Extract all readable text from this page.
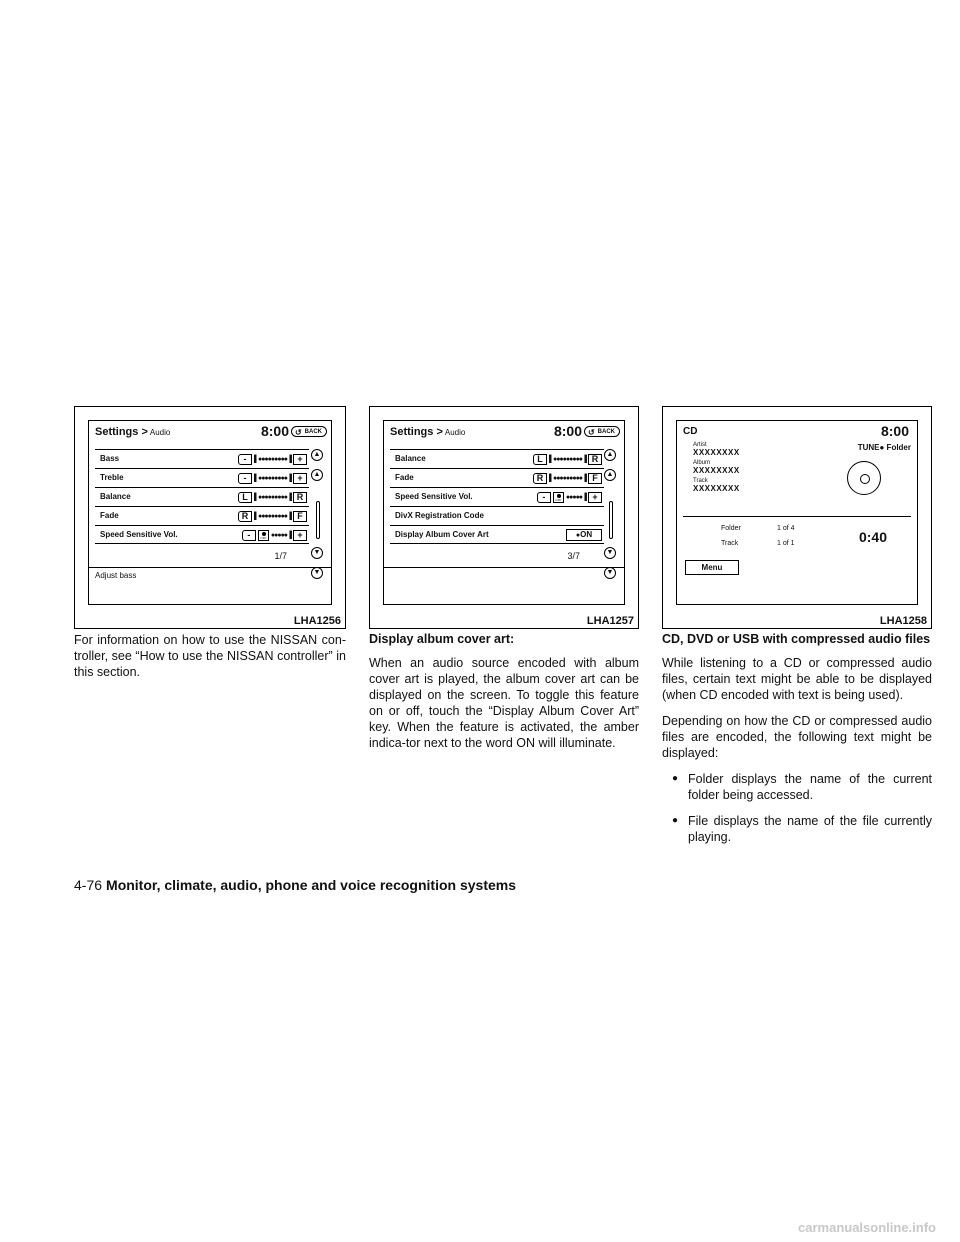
Settings > Audio	8:00	↺ BACK
Bass	-	▌●●●●●●●●●▐ +
Treble	-	▌●●●●●●●●●▐ +
Balance	L ▌●●●●●●●●●▐ R
Fade	R ▌●●●●●●●●●▐ F
Speed Sensitive Vol.	-	OFF ●●●●●▐ +
▲
▲
▼
▼
1/7
Adjust bass
LHA1256
Settings > Audio	8:00	↺ BACK
Balance	L ▌●●●●●●●●●▐ R
Fade	R ▌●●●●●●●●●▐ F
Speed Sensitive Vol.	-	OFF ●●●●●▐ +
DivX Registration Code
Display Album Cover Art	● ON
▲
▲
▼
▼
3/7
LHA1257
CD	8:00
Artist
XXXXXXXX
Album
XXXXXXXX
Track
XXXXXXXX
TUNE● Folder
Folder	1 of 4
Track	1 of 1	0:40
Menu
LHA1258

For information on how to use the NISSAN con-troller, see “How to use the NISSAN controller” in this section.

Display album cover art:

When an audio source encoded with album cover art is played, the album cover art can be displayed on the screen. To toggle this feature on or off, touch the “Display Album Cover Art” key. When the feature is activated, the amber indica-tor next to the word ON will illuminate.

CD, DVD or USB with compressed audio files

While listening to a CD or compressed audio files, certain text might be able to be displayed (when CD encoded with text is being used).

Depending on how the CD or compressed audio files are encoded, the following text might be displayed:

● Folder displays the name of the current folder being accessed.

● File displays the name of the file currently playing.

4-76 Monitor, climate, audio, phone and voice recognition systems
carmanualsonline.info
